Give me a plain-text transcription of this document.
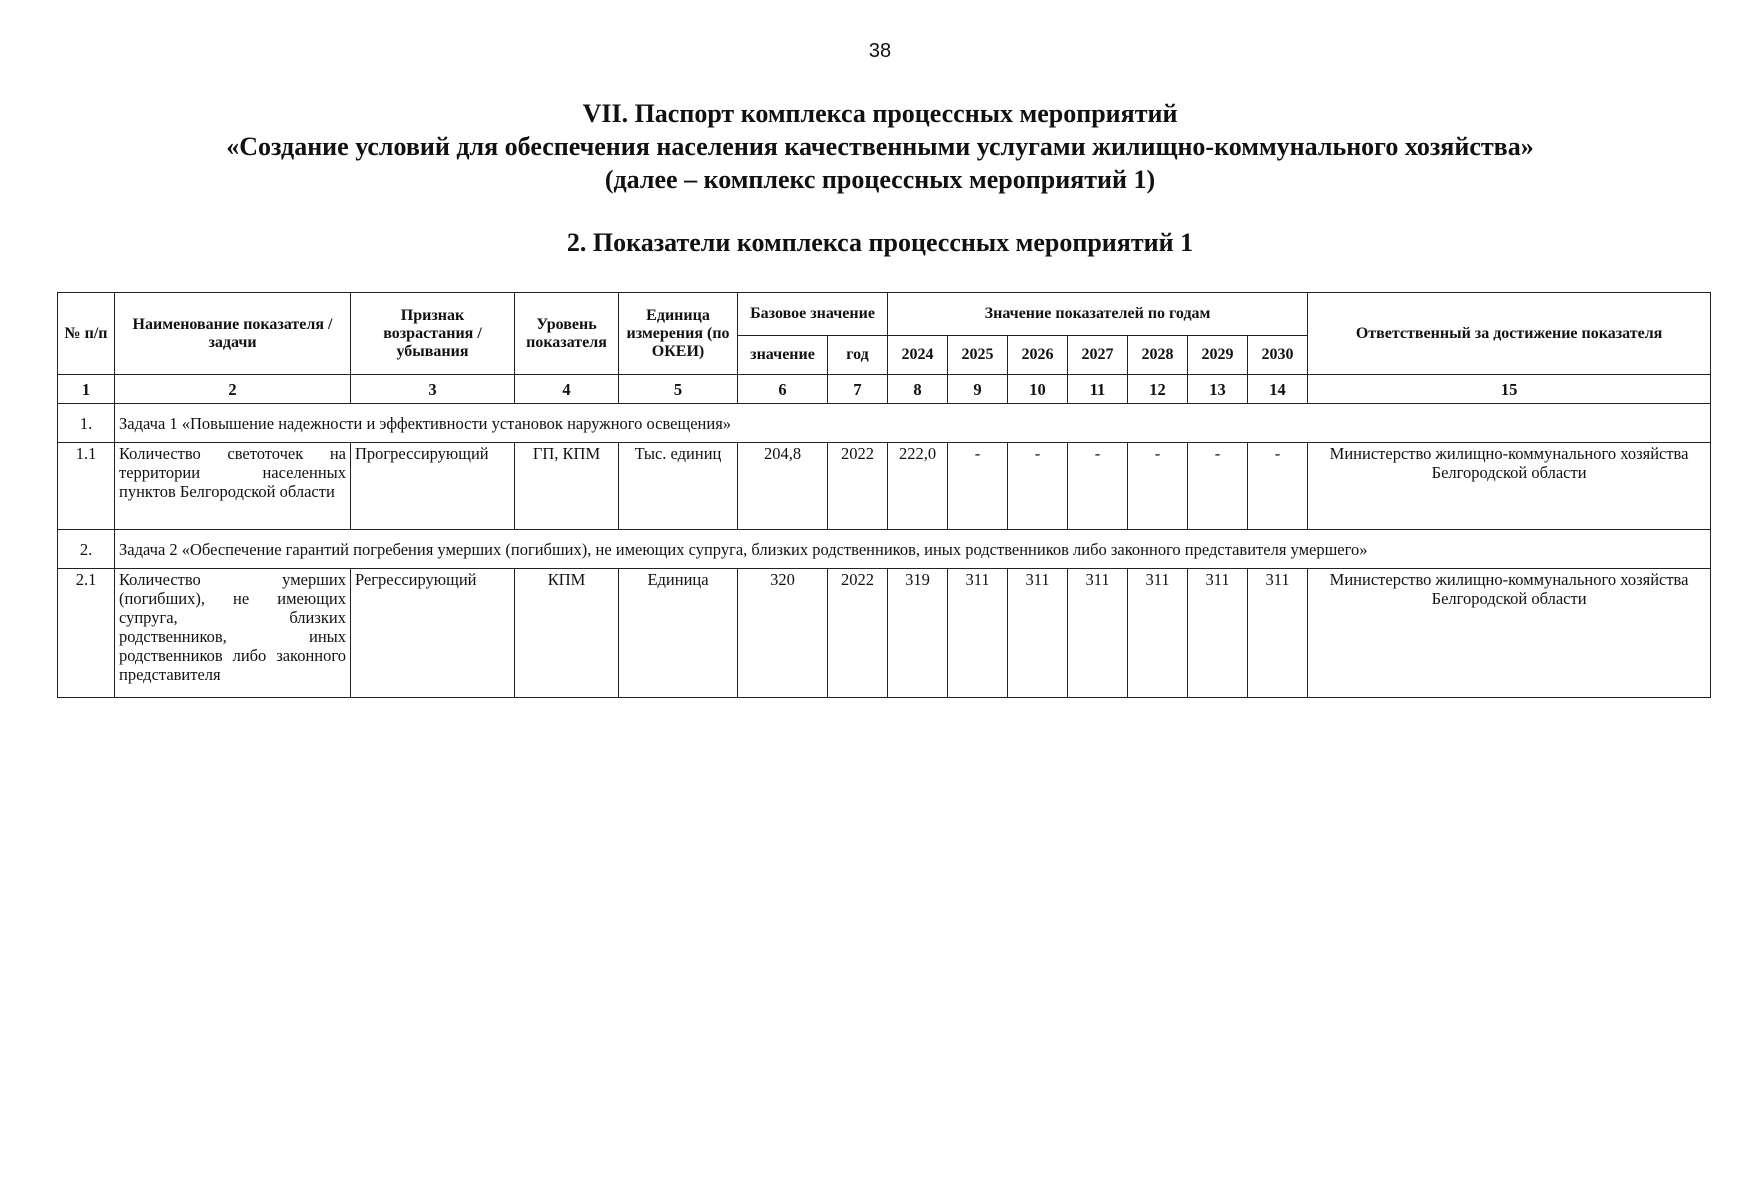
38
VII. Паспорт комплекса процессных мероприятий
«Создание условий для обеспечения населения качественными услугами жилищно-коммунального хозяйства»
(далее – комплекс процессных мероприятий 1)
2. Показатели комплекса процессных мероприятий 1
№ п/п	Наименование показателя / задачи	Признак возрастания / убывания	Уровень показателя	Единица измерения (по ОКЕИ)	Базовое значение		Значение показателей по годам							Ответственный за достижение показателя
					значение	год	2024	2025	2026	2027	2028	2029	2030	
1	2	3	4	5	6	7	8	9	10	11	12	13	14	15
1.	Задача 1 «Повышение надежности и эффективности установок наружного освещения»													
1.1	Количество светоточек на территории населенных пунктов Белгородской области	Прогрессирующий	ГП, КПМ	Тыс. единиц	204,8	2022	222,0	-	-	-	-	-	-	Министерство жилищно-коммунального хозяйства Белгородской области
2.	Задача 2 «Обеспечение гарантий погребения умерших (погибших), не имеющих супруга, близких родственников, иных родственников либо законного представителя умершего»													
2.1	Количество умерших (погибших), не имеющих супруга, близких родственников, иных родственников либо законного представителя	Регрессирующий	КПМ	Единица	320	2022	319	311	311	311	311	311	311	Министерство жилищно-коммунального хозяйства Белгородской области
